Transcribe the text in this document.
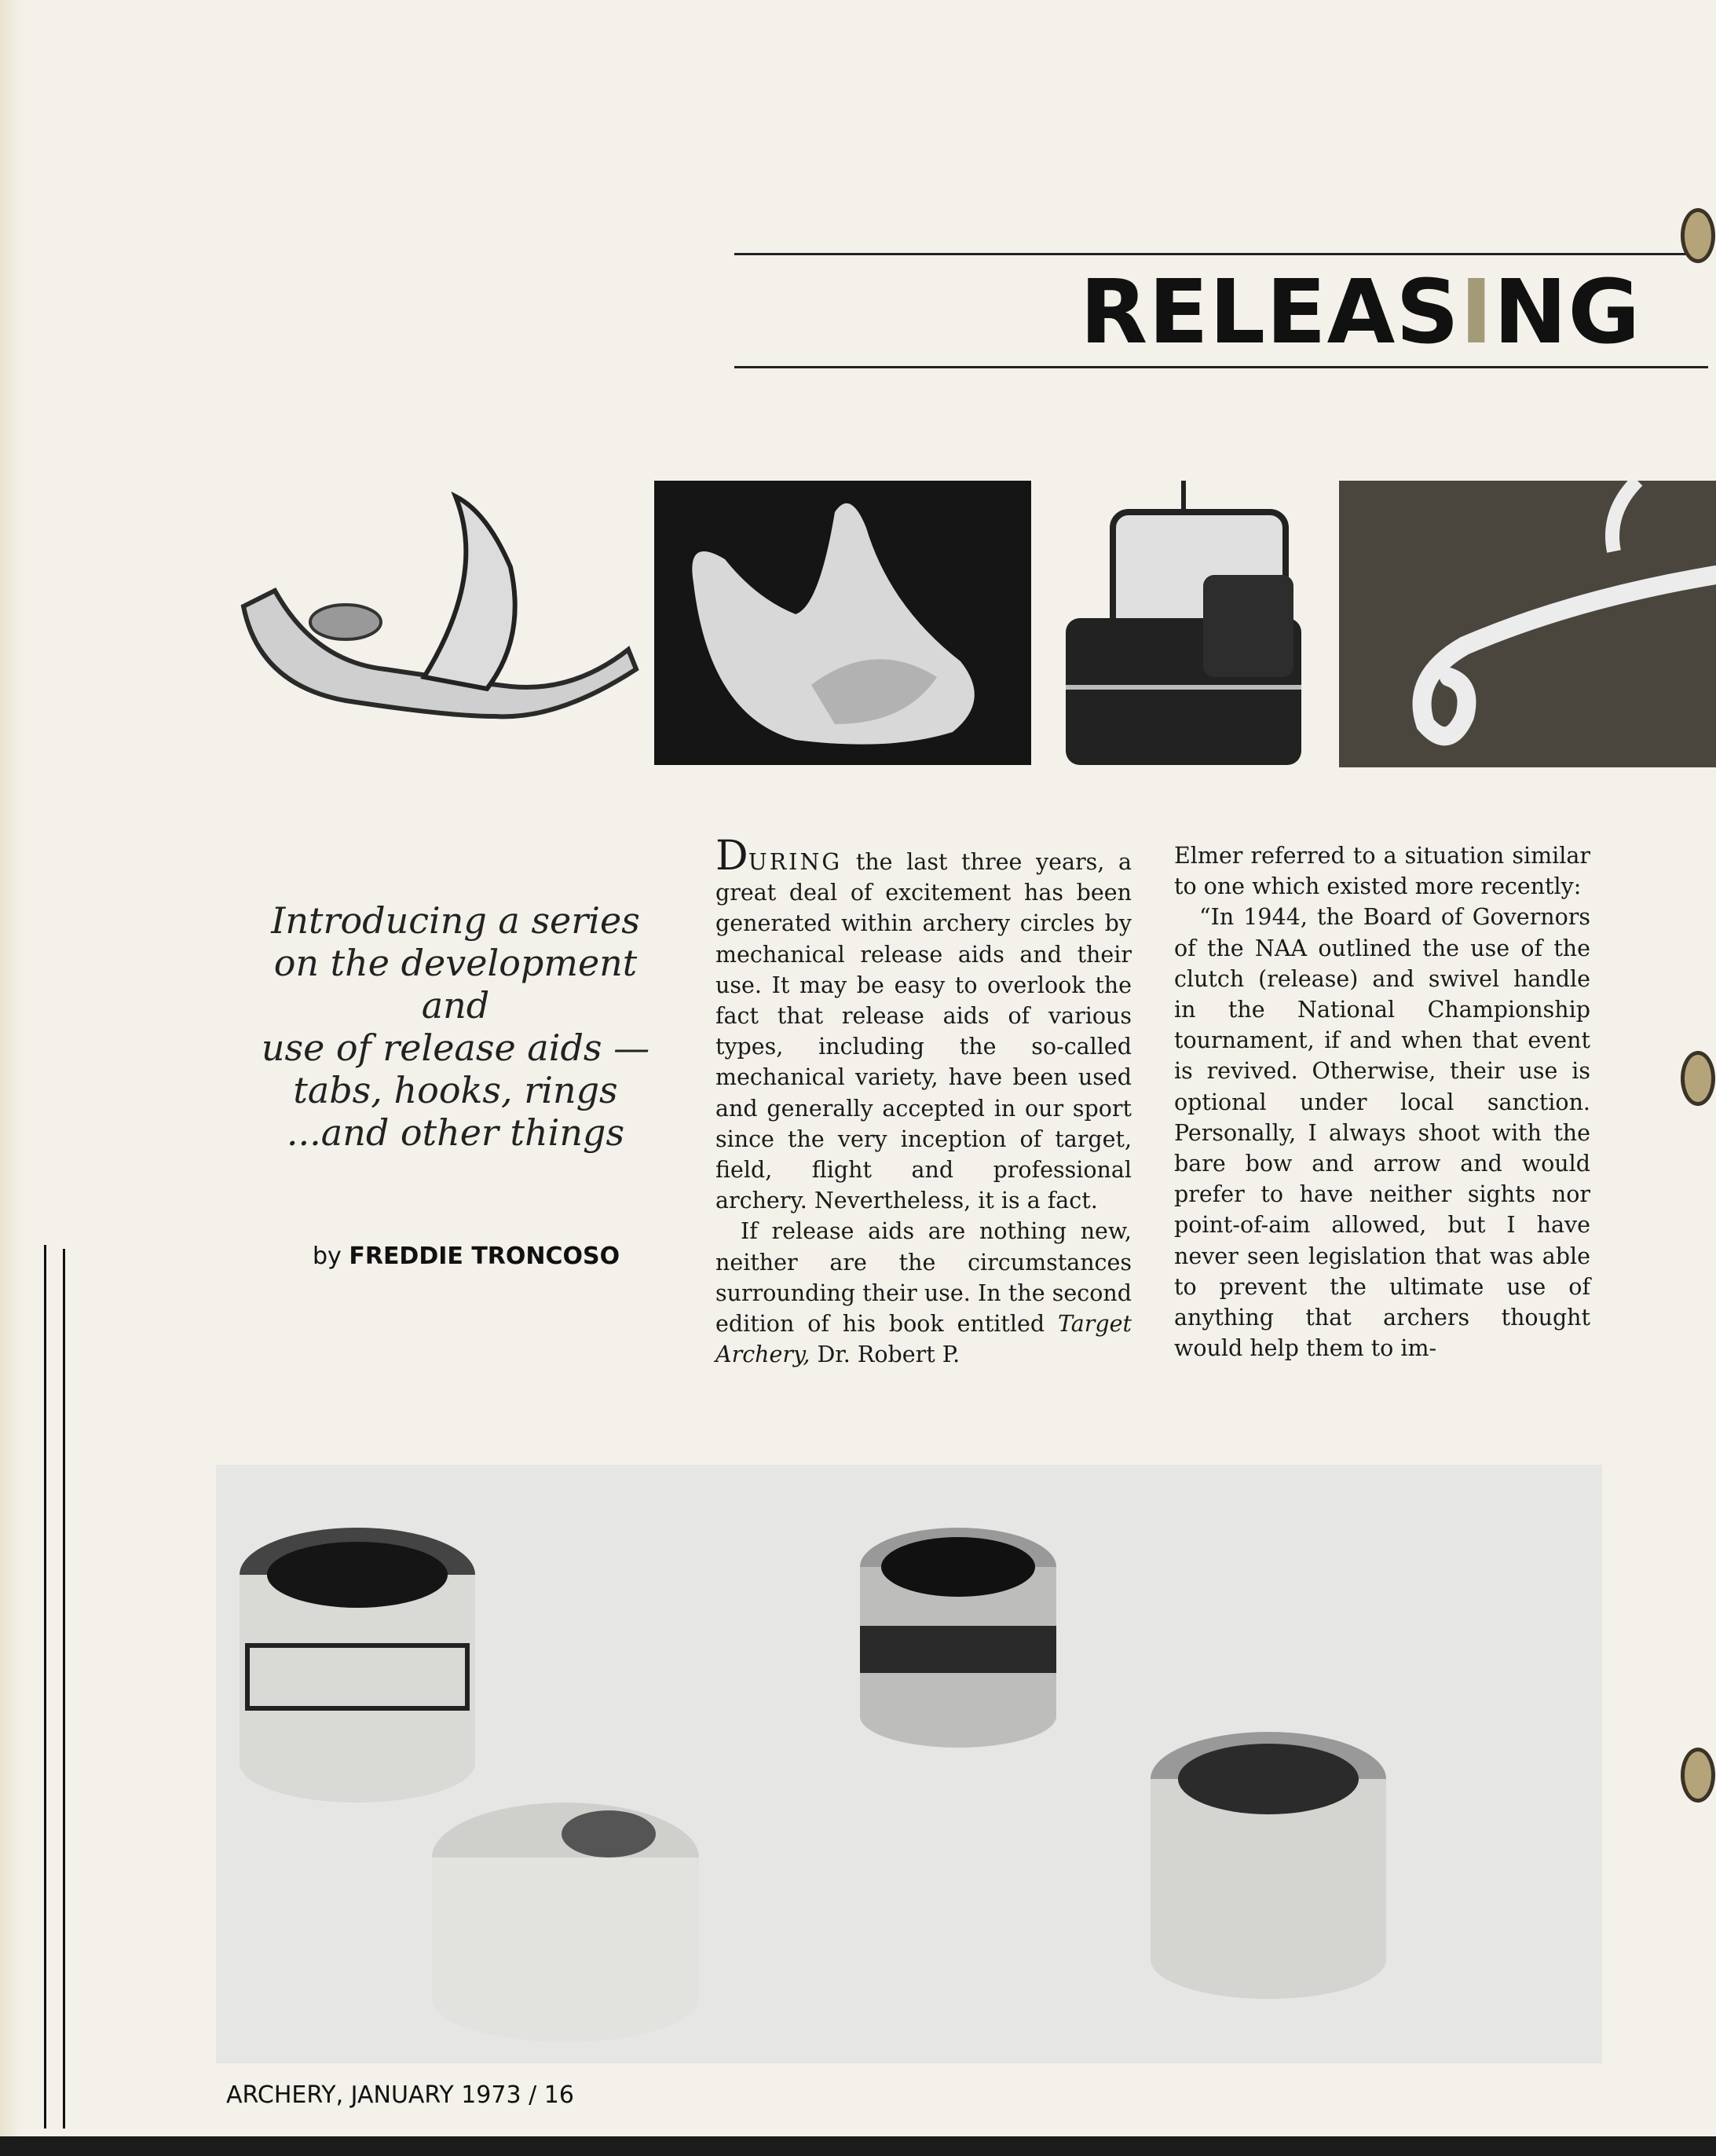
RELEASING
Introducing a series
on the development and
use of release aids —
tabs, hooks, rings
...and other things
by FREDDIE TRONCOSO

DURING the last three years, a great deal of excitement has been generated within archery circles by mechanical release aids and their use. It may be easy to overlook the fact that release aids of various types, including the so-called mechanical variety, have been used and generally accepted in our sport since the very inception of target, field, flight and professional archery. Nevertheless, it is a fact.

If release aids are nothing new, neither are the circumstances surrounding their use. In the second edition of his book entitled Target Archery, Dr. Robert P.

Elmer referred to a situation similar to one which existed more recently:

“In 1944, the Board of Governors of the NAA outlined the use of the clutch (release) and swivel handle in the National Championship tournament, if and when that event is revived. Otherwise, their use is optional under local sanction. Personally, I always shoot with the bare bow and arrow and would prefer to have neither sights nor point-of-aim allowed, but I have never seen legislation that was able to prevent the ultimate use of anything that archers thought would help them to im-

ARCHERY, JANUARY 1973 / 16
